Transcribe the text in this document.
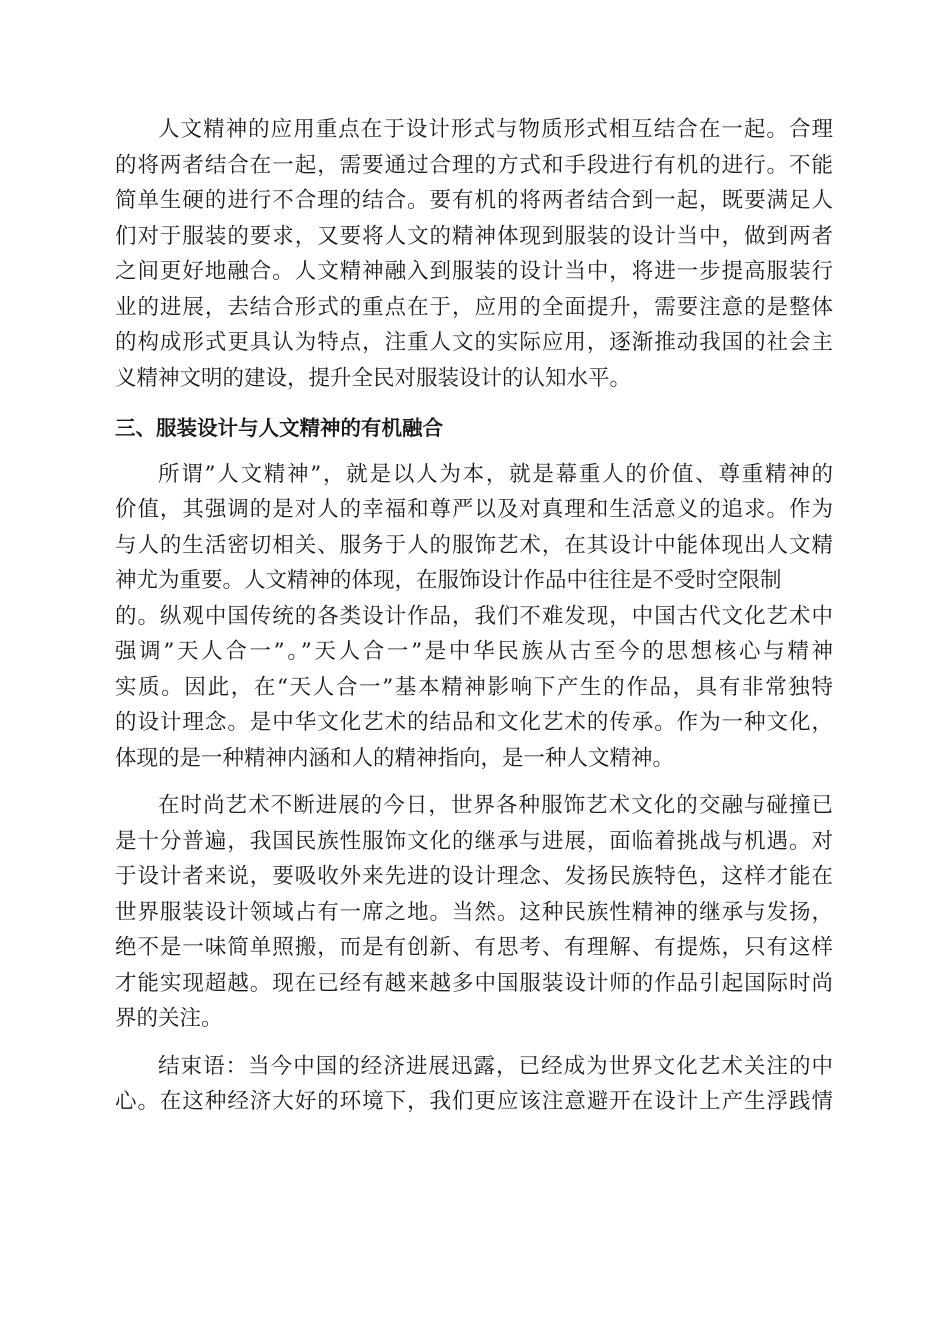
人文精神的应用重点在于设计形式与物质形式相互结合在一起。合理
的将两者结合在一起，需要通过合理的方式和手段进行有机的进行。不能
简单生硬的进行不合理的结合。要有机的将两者结合到一起，既要满足人
们对于服装的要求，又要将人文的精神体现到服装的设计当中，做到两者
之间更好地融合。人文精神融入到服装的设计当中，将进一步提高服装行
业的进展，去结合形式的重点在于，应用的全面提升，需要注意的是整体
的构成形式更具认为特点，注重人文的实际应用，逐渐推动我国的社会主
义精神文明的建设，提升全民对服装设计的认知水平。
三、服装设计与人文精神的有机融合
所谓”人文精神”，就是以人为本，就是幕重人的价值、尊重精神的
价值，其强调的是对人的幸福和尊严以及对真理和生活意义的追求。作为
与人的生活密切相关、服务于人的服饰艺术，在其设计中能体现出人文精
神尤为重要。人文精神的体现，在服饰设计作品中往往是不受时空限制
的。纵观中国传统的各类设计作品，我们不难发现，中国古代文化艺术中
强调”天人合一”。”天人合一”是中华民族从古至今的思想核心与精神
实质。因此，在“天人合一”基本精神影响下产生的作品，具有非常独特
的设计理念。是中华文化艺术的结品和文化艺术的传承。作为一种文化，
体现的是一种精神内涵和人的精神指向，是一种人文精神。
在时尚艺术不断进展的今日，世界各种服饰艺术文化的交融与碰撞已
是十分普遍，我国民族性服饰文化的继承与进展，面临着挑战与机遇。对
于设计者来说，要吸收外来先进的设计理念、发扬民族特色，这样才能在
世界服装设计领域占有一席之地。当然。这种民族性精神的继承与发扬，
绝不是一味简单照搬，而是有创新、有思考、有理解、有提炼，只有这样
才能实现超越。现在已经有越来越多中国服装设计师的作品引起国际时尚
界的关注。
结束语：当今中国的经济进展迅露，已经成为世界文化艺术关注的中
心。在这种经济大好的环境下，我们更应该注意避开在设计上产生浮践情
